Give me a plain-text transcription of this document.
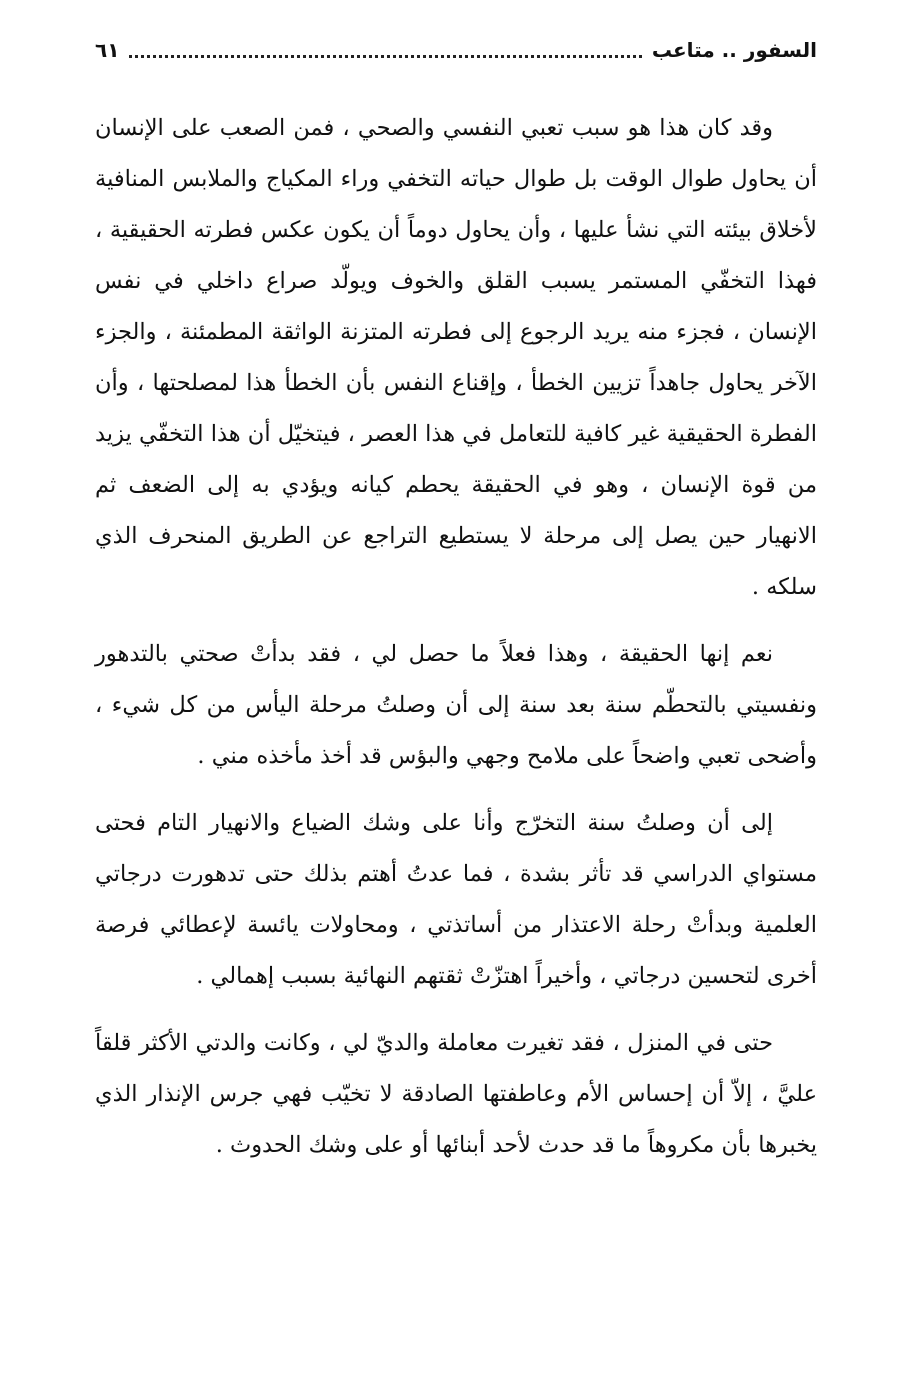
السفور .. متاعب
٦١

وقد كان هذا هو سبب تعبي النفسي والصحي ، فمن الصعب على الإنسان أن يحاول طوال الوقت بل طوال حياته التخفي وراء المكياج والملابس المنافية لأخلاق بيئته التي نشأ عليها ، وأن يحاول دوماً أن يكون عكس فطرته الحقيقية ، فهذا التخفّي المستمر يسبب القلق والخوف ويولّد صراع داخلي في نفس الإنسان ، فجزء منه يريد الرجوع إلى فطرته المتزنة الواثقة المطمئنة ، والجزء الآخر يحاول جاهداً تزيين الخطأ ، وإقناع النفس بأن الخطأ هذا لمصلحتها ، وأن الفطرة الحقيقية غير كافية للتعامل في هذا العصر ، فيتخيّل أن هذا التخفّي يزيد من قوة الإنسان ، وهو في الحقيقة يحطم كيانه ويؤدي به إلى الضعف ثم الانهيار حين يصل إلى مرحلة لا يستطيع التراجع عن الطريق المنحرف الذي سلكه .

نعم إنها الحقيقة ، وهذا فعلاً ما حصل لي ، فقد بدأتْ صحتي بالتدهور ونفسيتي بالتحطّم سنة بعد سنة إلى أن وصلتُ مرحلة اليأس من كل شيء ، وأضحى تعبي واضحاً على ملامح وجهي والبؤس قد أخذ مأخذه مني .

إلى أن وصلتُ سنة التخرّج وأنا على وشك الضياع والانهيار التام فحتى مستواي الدراسي قد تأثر بشدة ، فما عدتُ أهتم بذلك حتى تدهورت درجاتي العلمية وبدأتْ رحلة الاعتذار من أساتذتي ، ومحاولات يائسة لإعطائي فرصة أخرى لتحسين درجاتي ، وأخيراً اهتزّتْ ثقتهم النهائية بسبب إهمالي .

حتى في المنزل ، فقد تغيرت معاملة والديّ لي ، وكانت والدتي الأكثر قلقاً عليَّ ، إلاّ أن إحساس الأم وعاطفتها الصادقة لا تخيّب فهي جرس الإنذار الذي يخبرها بأن مكروهاً ما قد حدث لأحد أبنائها أو على وشك الحدوث .
